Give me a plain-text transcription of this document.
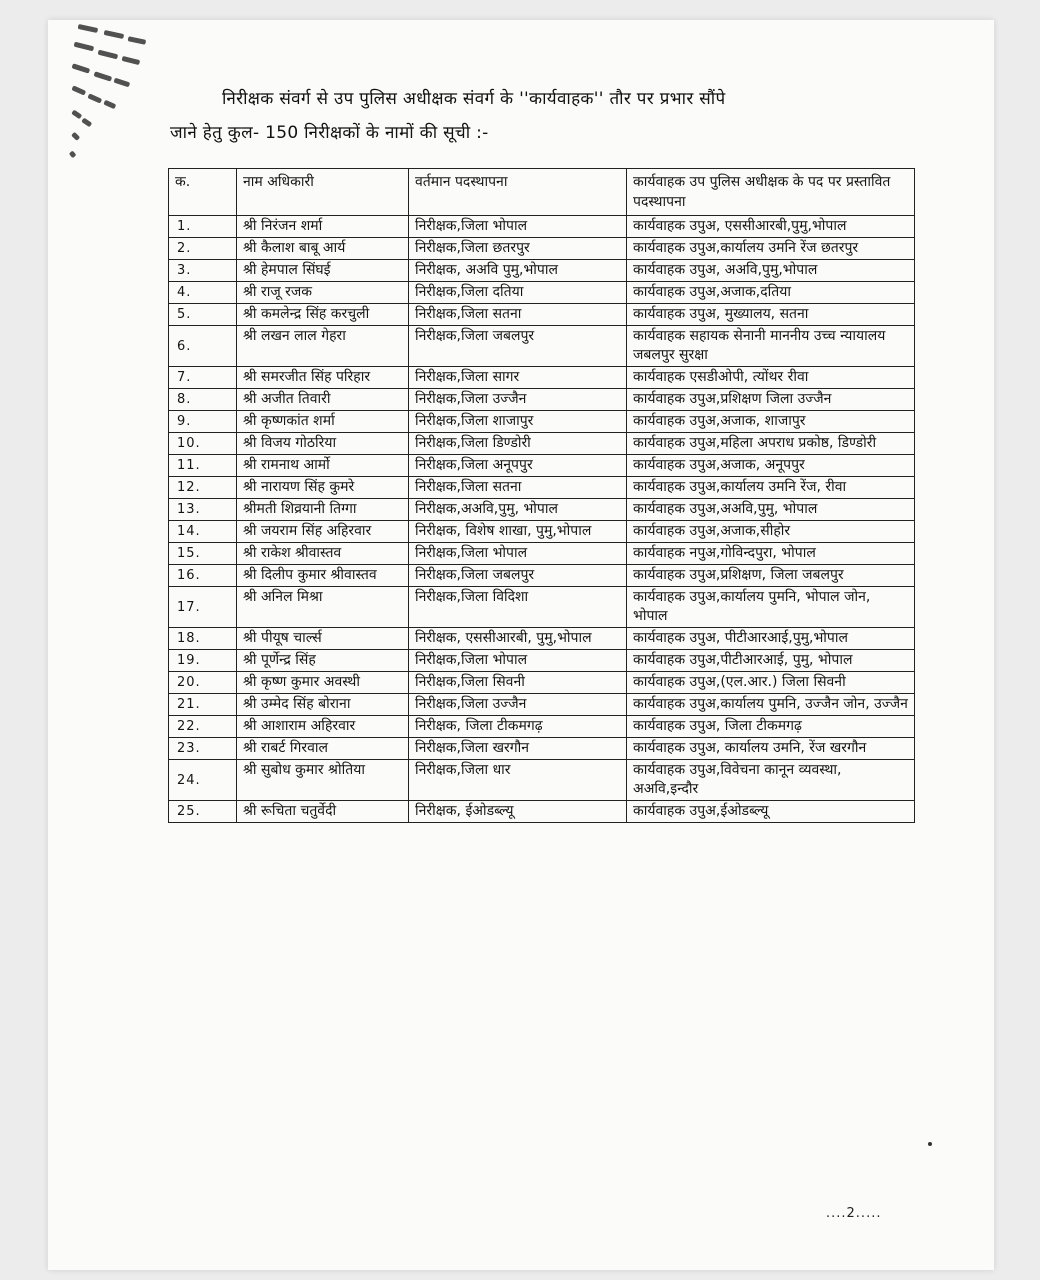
निरीक्षक संवर्ग से उप पुलिस अधीक्षक संवर्ग के ''कार्यवाहक'' तौर पर प्रभार सौंपे
जाने हेतु कुल- 150 निरीक्षकों के नामों की सूची :-
क.	नाम अधिकारी	वर्तमान पदस्थापना	कार्यवाहक उप पुलिस अधीक्षक के पद पर प्रस्तावित पदस्थापना
1.	श्री निरंजन शर्मा	निरीक्षक,जिला भोपाल	कार्यवाहक उपुअ, एससीआरबी,पुमु,भोपाल
2.	श्री कैलाश बाबू आर्य	निरीक्षक,जिला छतरपुर	कार्यवाहक उपुअ,कार्यालय उमनि रेंज छतरपुर
3.	श्री हेमपाल सिंघई	निरीक्षक, अअवि पुमु,भोपाल	कार्यवाहक उपुअ, अअवि,पुमु,भोपाल
4.	श्री राजू रजक	निरीक्षक,जिला दतिया	कार्यवाहक उपुअ,अजाक,दतिया
5.	श्री कमलेन्द्र सिंह करचुली	निरीक्षक,जिला सतना	कार्यवाहक उपुअ, मुख्यालय, सतना
6.	श्री लखन लाल गेहरा	निरीक्षक,जिला जबलपुर	कार्यवाहक सहायक सेनानी माननीय उच्च न्यायालय जबलपुर सुरक्षा
7.	श्री समरजीत सिंह परिहार	निरीक्षक,जिला सागर	कार्यवाहक एसडीओपी, त्योंथर रीवा
8.	श्री अजीत तिवारी	निरीक्षक,जिला उज्जैन	कार्यवाहक उपुअ,प्रशिक्षण जिला उज्जैन
9.	श्री कृष्णकांत शर्मा	निरीक्षक,जिला शाजापुर	कार्यवाहक उपुअ,अजाक, शाजापुर
10.	श्री विजय गोठरिया	निरीक्षक,जिला डिण्डोरी	कार्यवाहक उपुअ,महिला अपराध प्रकोष्ठ, डिण्डोरी
11.	श्री रामनाथ आर्मो	निरीक्षक,जिला अनूपपुर	कार्यवाहक उपुअ,अजाक, अनूपपुर
12.	श्री नारायण सिंह कुमरे	निरीक्षक,जिला सतना	कार्यवाहक उपुअ,कार्यालय उमनि रेंज, रीवा
13.	श्रीमती शिव्रयानी तिग्गा	निरीक्षक,अअवि,पुमु, भोपाल	कार्यवाहक उपुअ,अअवि,पुमु, भोपाल
14.	श्री जयराम सिंह अहिरवार	निरीक्षक, विशेष शाखा, पुमु,भोपाल	कार्यवाहक उपुअ,अजाक,सीहोर
15.	श्री राकेश श्रीवास्तव	निरीक्षक,जिला भोपाल	कार्यवाहक नपुअ,गोविन्दपुरा, भोपाल
16.	श्री दिलीप कुमार श्रीवास्तव	निरीक्षक,जिला जबलपुर	कार्यवाहक उपुअ,प्रशिक्षण, जिला जबलपुर
17.	श्री अनिल मिश्रा	निरीक्षक,जिला विदिशा	कार्यवाहक उपुअ,कार्यालय पुमनि, भोपाल जोन, भोपाल
18.	श्री पीयूष चार्ल्स	निरीक्षक, एससीआरबी, पुमु,भोपाल	कार्यवाहक उपुअ, पीटीआरआई,पुमु,भोपाल
19.	श्री पूर्णेन्द्र सिंह	निरीक्षक,जिला भोपाल	कार्यवाहक उपुअ,पीटीआरआई, पुमु, भोपाल
20.	श्री कृष्ण कुमार अवस्थी	निरीक्षक,जिला सिवनी	कार्यवाहक उपुअ,(एल.आर.) जिला सिवनी
21.	श्री उम्मेद सिंह बोराना	निरीक्षक,जिला उज्जैन	कार्यवाहक उपुअ,कार्यालय पुमनि, उज्जैन जोन, उज्जैन
22.	श्री आशाराम अहिरवार	निरीक्षक, जिला टीकमगढ़	कार्यवाहक उपुअ, जिला टीकमगढ़
23.	श्री राबर्ट गिरवाल	निरीक्षक,जिला खरगौन	कार्यवाहक उपुअ, कार्यालय उमनि, रेंज खरगौन
24.	श्री सुबोध कुमार श्रोतिया	निरीक्षक,जिला धार	कार्यवाहक उपुअ,विवेचना कानून व्यवस्था, अअवि,इन्दौर
25.	श्री रूचिता चतुर्वेदी	निरीक्षक, ईओडब्ल्यू	कार्यवाहक उपुअ,ईओडब्ल्यू
....2.....
